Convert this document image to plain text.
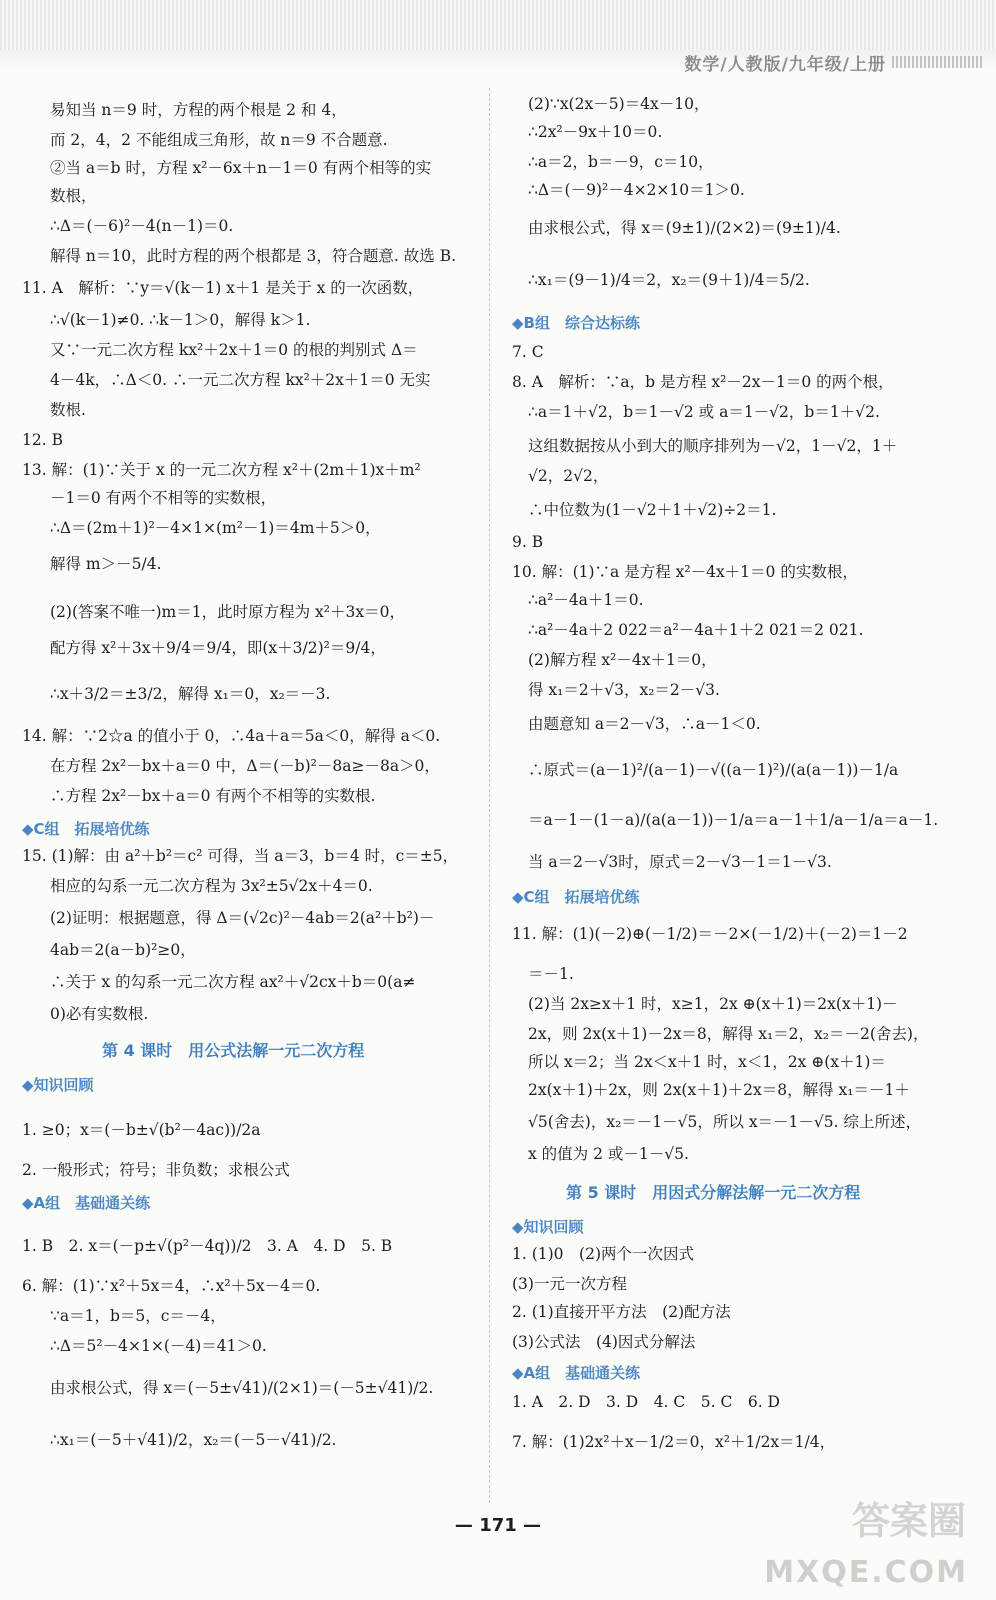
数学/人教版/九年级/上册
易知当 n＝9 时，方程的两个根是 2 和 4，
而 2，4，2 不能组成三角形，故 n＝9 不合题意.
②当 a＝b 时，方程 x²－6x＋n－1＝0 有两个相等的实
数根，
∴Δ＝(－6)²－4(n－1)＝0.
解得 n＝10，此时方程的两个根都是 3，符合题意. 故选 B.
11. A　解析：∵y＝√(k－1) x＋1 是关于 x 的一次函数，
∴√(k－1)≠0. ∴k－1＞0，解得 k＞1.
又∵一元二次方程 kx²＋2x＋1＝0 的根的判别式 Δ＝
4－4k，∴Δ＜0. ∴一元二次方程 kx²＋2x＋1＝0 无实
数根.
12. B
13. 解：(1)∵关于 x 的一元二次方程 x²＋(2m＋1)x＋m²
－1＝0 有两个不相等的实数根，
∴Δ＝(2m＋1)²－4×1×(m²－1)＝4m＋5＞0，
解得 m＞－5/4.
(2)(答案不唯一)m＝1，此时原方程为 x²＋3x＝0，
配方得 x²＋3x＋9/4＝9/4，即(x＋3/2)²＝9/4，
∴x＋3/2＝±3/2，解得 x₁＝0，x₂＝－3.
14. 解：∵2☆a 的值小于 0，∴4a＋a＝5a＜0，解得 a＜0.
在方程 2x²－bx＋a＝0 中，Δ＝(－b)²－8a≥－8a＞0，
∴方程 2x²－bx＋a＝0 有两个不相等的实数根.
15. (1)解：由 a²＋b²＝c² 可得，当 a＝3，b＝4 时，c＝±5，
相应的勾系一元二次方程为 3x²±5√2x＋4＝0.
(2)证明：根据题意，得 Δ＝(√2c)²－4ab＝2(a²＋b²)－
4ab＝2(a－b)²≥0，
∴关于 x 的勾系一元二次方程 ax²＋√2cx＋b＝0(a≠
0)必有实数根.
1. ≥0；x＝(－b±√(b²－4ac))/2a
2. 一般形式；符号；非负数；求根公式
1. B　2. x＝(－p±√(p²－4q))/2　3. A　4. D　5. B
6. 解：(1)∵x²＋5x＝4，∴x²＋5x－4＝0.
∵a＝1，b＝5，c＝－4，
∴Δ＝5²－4×1×(－4)＝41＞0.
由求根公式，得 x＝(－5±√41)/(2×1)＝(－5±√41)/2.
∴x₁＝(－5＋√41)/2，x₂＝(－5－√41)/2.
◆C组　拓展培优练
◆知识回顾
◆A组　基础通关练
第 4 课时　用公式法解一元二次方程
(2)∵x(2x－5)＝4x－10，
∴2x²－9x＋10＝0.
∴a＝2，b＝－9，c＝10，
∴Δ＝(－9)²－4×2×10＝1＞0.
由求根公式，得 x＝(9±1)/(2×2)＝(9±1)/4.
∴x₁＝(9－1)/4＝2，x₂＝(9＋1)/4＝5/2.
7. C
8. A　解析：∵a，b 是方程 x²－2x－1＝0 的两个根，
∴a＝1＋√2，b＝1－√2 或 a＝1－√2，b＝1＋√2.
这组数据按从小到大的顺序排列为－√2，1－√2，1＋
√2，2√2，
∴中位数为(1－√2＋1＋√2)÷2＝1.
9. B
10. 解：(1)∵a 是方程 x²－4x＋1＝0 的实数根，
∴a²－4a＋1＝0.
∴a²－4a＋2 022＝a²－4a＋1＋2 021＝2 021.
(2)解方程 x²－4x＋1＝0，
得 x₁＝2＋√3，x₂＝2－√3.
由题意知 a＝2－√3，∴a－1＜0.
∴原式＝(a－1)²/(a－1)－√((a－1)²)/(a(a－1))－1/a
＝a－1－(1－a)/(a(a－1))－1/a＝a－1＋1/a－1/a＝a－1.
当 a＝2－√3时，原式＝2－√3－1＝1－√3.
11. 解：(1)(－2)⊕(－1/2)＝－2×(－1/2)＋(－2)＝1－2
＝－1.
(2)当 2x≥x＋1 时，x≥1，2x ⊕(x＋1)＝2x(x＋1)－
2x，则 2x(x＋1)－2x＝8，解得 x₁＝2，x₂＝－2(舍去)，
所以 x＝2；当 2x＜x＋1 时，x＜1，2x ⊕(x＋1)＝
2x(x＋1)＋2x，则 2x(x＋1)＋2x＝8，解得 x₁＝－1＋
√5(舍去)，x₂＝－1－√5，所以 x＝－1－√5. 综上所述，
x 的值为 2 或－1－√5.
1. (1)0　(2)两个一次因式
(3)一元一次方程
2. (1)直接开平方法　(2)配方法
(3)公式法　(4)因式分解法
1. A　2. D　3. D　4. C　5. C　6. D
7. 解：(1)2x²＋x－1/2＝0，x²＋1/2x＝1/4，
◆B组　综合达标练
◆C组　拓展培优练
◆知识回顾
◆A组　基础通关练
第 5 课时　用因式分解法解一元二次方程
— 171 —	答案圈
MXQE.COM
